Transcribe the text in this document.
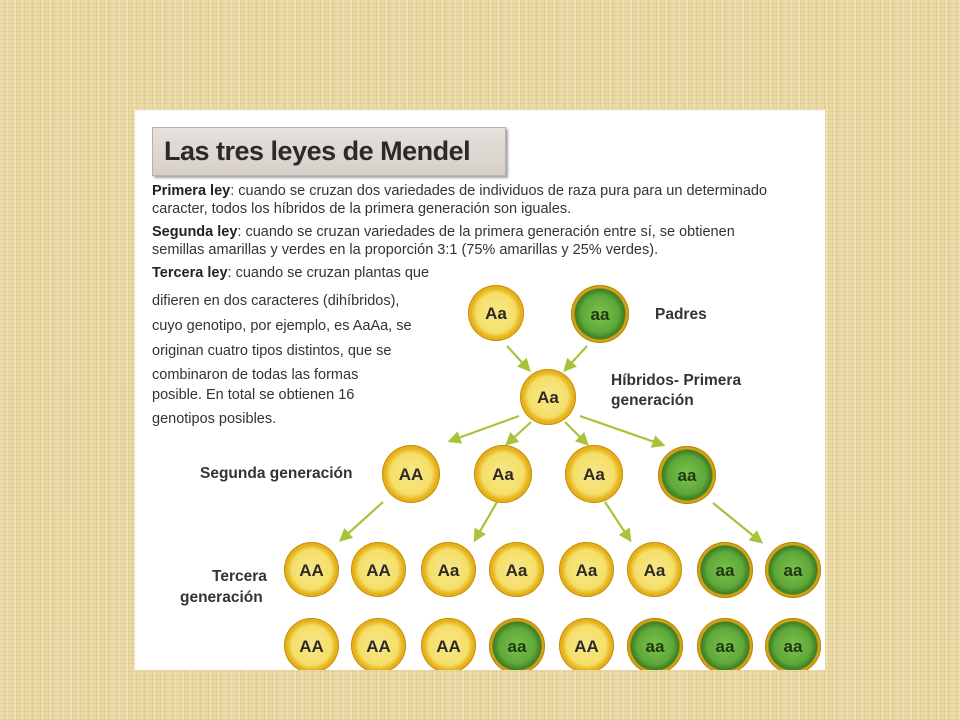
Las tres leyes de Mendel
Primera ley: cuando se cruzan dos variedades de individuos de raza pura para un determinado
caracter, todos los híbridos de la primera generación son iguales.
Segunda ley: cuando se cruzan variedades de la primera generación entre sí, se obtienen
semillas amarillas y verdes en la proporción 3:1 (75% amarillas y 25% verdes).
Tercera ley: cuando se cruzan plantas que
difieren en dos caracteres (dihíbridos),
cuyo genotipo, por ejemplo, es AaAa, se
originan cuatro tipos distintos, que se
combinaron de todas las formas
posible. En total se obtienen 16
genotipos posibles.
Padres
Híbridos- Primera
generación
Segunda generación
Tercera
generación
Aa	aa
Aa
AA	Aa	Aa	aa
AA AA	Aa	Aa	Aa	Aa	aa	aa
AA AA	AA	aa	AA	aa	aa	aa
